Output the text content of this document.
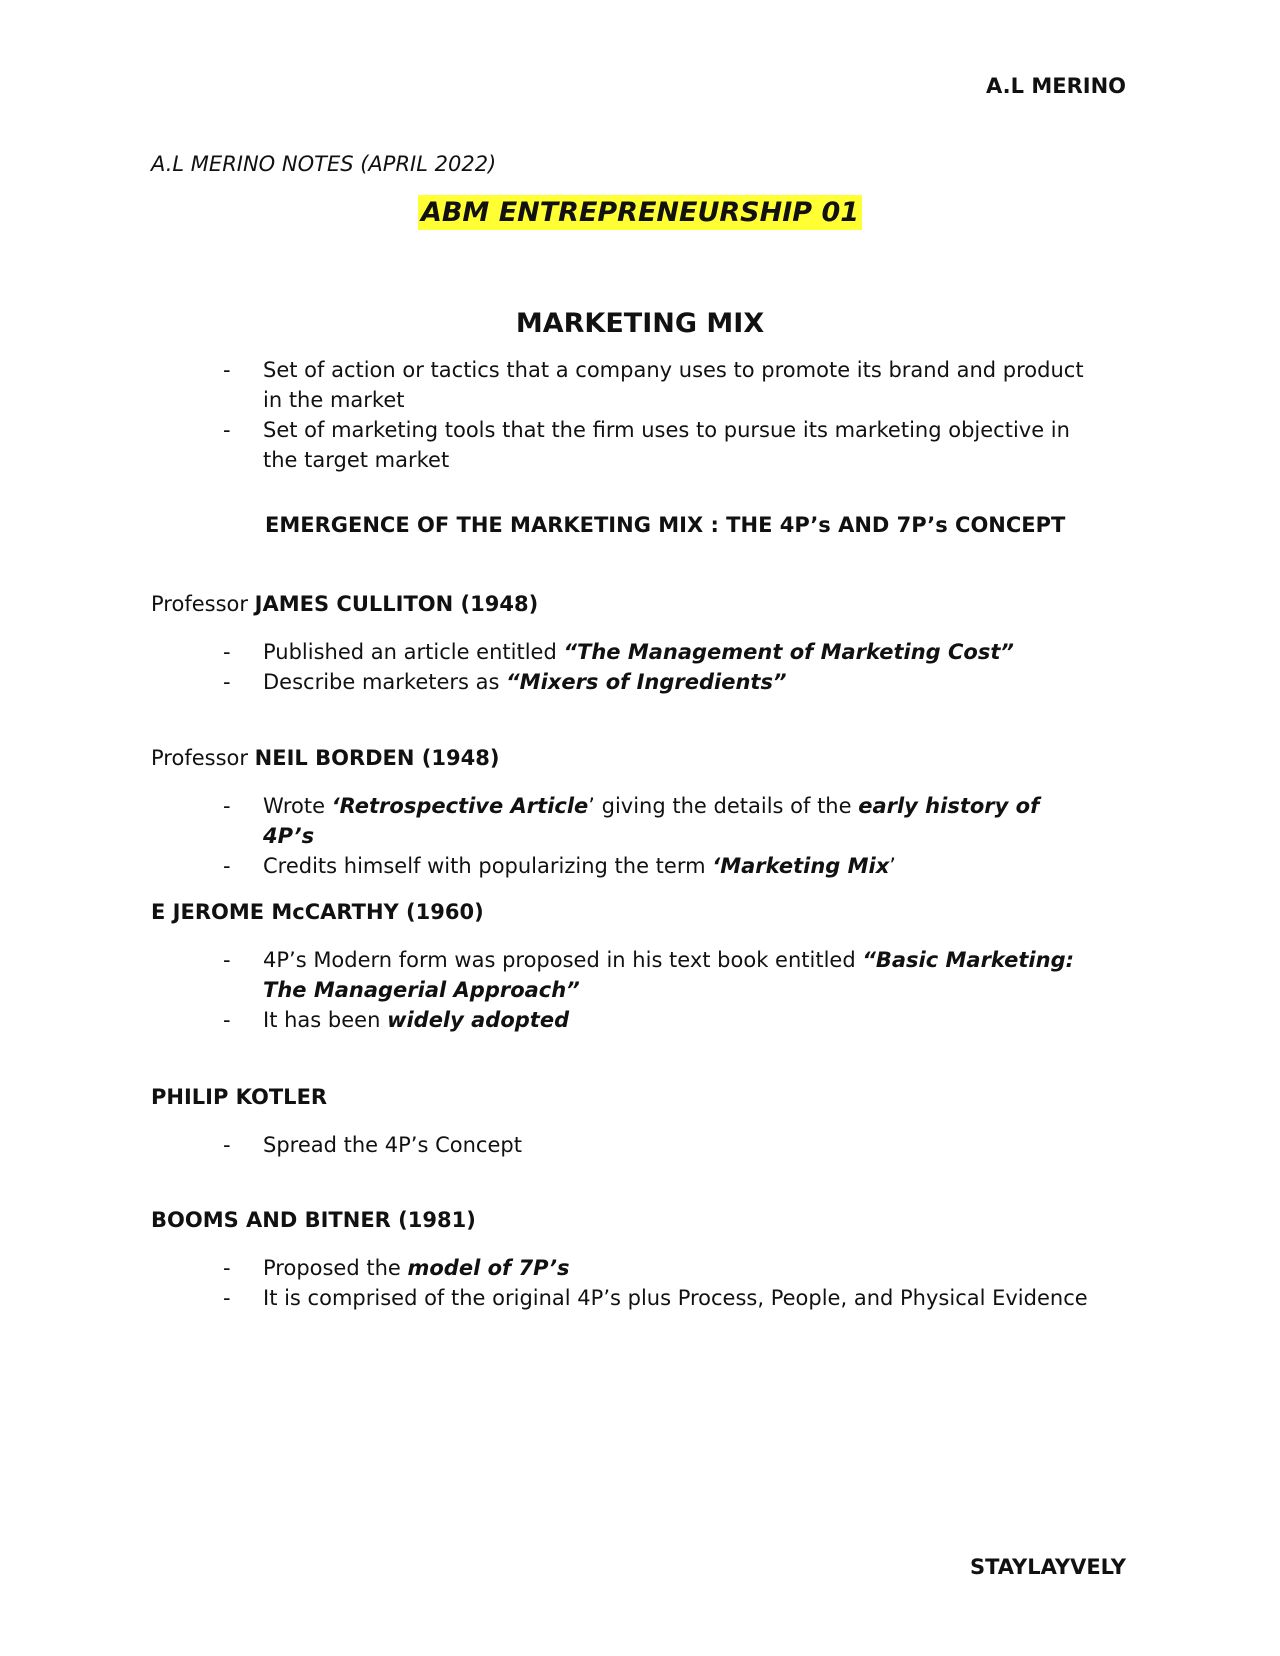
A.L MERINO
A.L MERINO NOTES (APRIL 2022)
ABM ENTREPRENEURSHIP 01
MARKETING MIX
- Set of action or tactics that a company uses to promote its brand and product in the market
- Set of marketing tools that the firm uses to pursue its marketing objective in the target market
EMERGENCE OF THE MARKETING MIX : THE 4P’s AND 7P’s CONCEPT
Professor JAMES CULLITON (1948)
- Published an article entitled “The Management of Marketing Cost”
- Describe marketers as “Mixers of Ingredients”
Professor NEIL BORDEN (1948)
- Wrote ‘Retrospective Article’ giving the details of the early history of 4P’s
- Credits himself with popularizing the term ‘Marketing Mix’
E JEROME McCARTHY (1960)
- 4P’s Modern form was proposed in his text book entitled “Basic Marketing: The Managerial Approach”
- It has been widely adopted
PHILIP KOTLER
- Spread the 4P’s Concept
BOOMS AND BITNER (1981)
- Proposed the model of 7P’s
- It is comprised of the original 4P’s plus Process, People, and Physical Evidence
STAYLAYVELY
